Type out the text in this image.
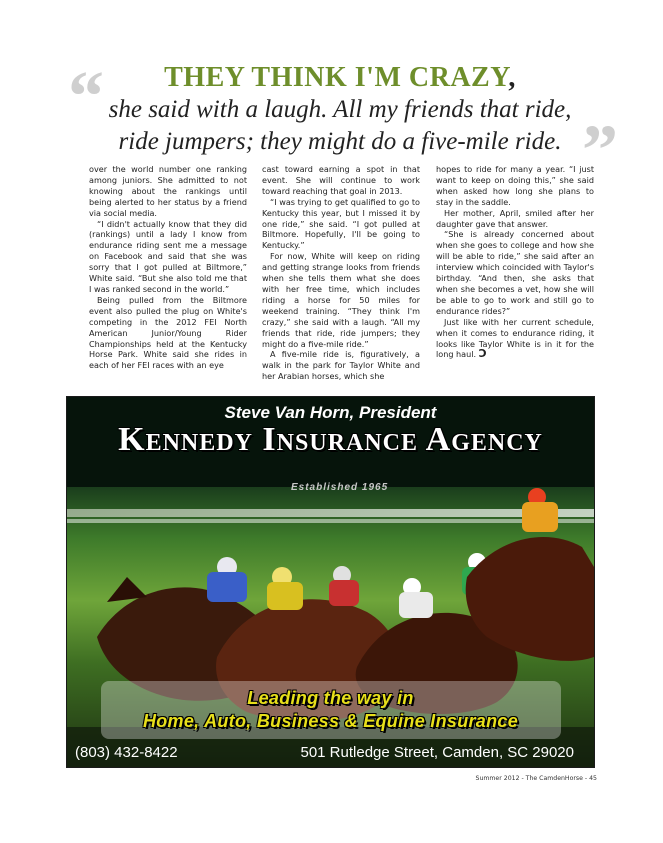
“	THEY THINK I'M CRAZY,
she said with a laugh. All my friends that ride,
ride jumpers; they might do a five-mile ride. ”

over the world number one ranking among juniors. She admitted to not knowing about the rankings until being alerted to her status by a friend via social media.

“I didn't actually know that they did (rankings) until a lady I know from endurance riding sent me a message on Facebook and said that she was sorry that I got pulled at Biltmore,” White said. “But she also told me that I was ranked second in the world.”

Being pulled from the Biltmore event also pulled the plug on White's competing in the 2012 FEI North American Junior/Young Rider Championships held at the Kentucky Horse Park. White said she rides in each of her FEI races with an eye

cast toward earning a spot in that event. She will continue to work toward reaching that goal in 2013.

“I was trying to get qualified to go to Kentucky this year, but I missed it by one ride,” she said. “I got pulled at Biltmore. Hopefully, I'll be going to Kentucky.”

For now, White will keep on riding and getting strange looks from friends when she tells them what she does with her free time, which includes riding a horse for 50 miles for weekend training. “They think I'm crazy,” she said with a laugh. “All my friends that ride, ride jumpers; they might do a five-mile ride.”

A five-mile ride is, figuratively, a walk in the park for Taylor White and her Arabian horses, which she

hopes to ride for many a year. “I just want to keep on doing this,” she said when asked how long she plans to stay in the saddle.

Her mother, April, smiled after her daughter gave that answer.

“She is already concerned about when she goes to college and how she will be able to ride,” she said after an interview which coincided with Taylor's birthday. “And then, she asks that when she becomes a vet, how she will be able to go to work and still go to endurance rides?”

Just like with her current schedule, when it comes to endurance riding, it looks like Taylor White is in it for the long haul. Ɔ

Steve Van Horn, President
Kennedy Insurance Agency
Established 1965
Leading the way in
Home, Auto, Business & Equine Insurance
(803) 432-8422	501 Rutledge Street, Camden, SC 29020
Summer 2012 - The CamdenHorse - 45
